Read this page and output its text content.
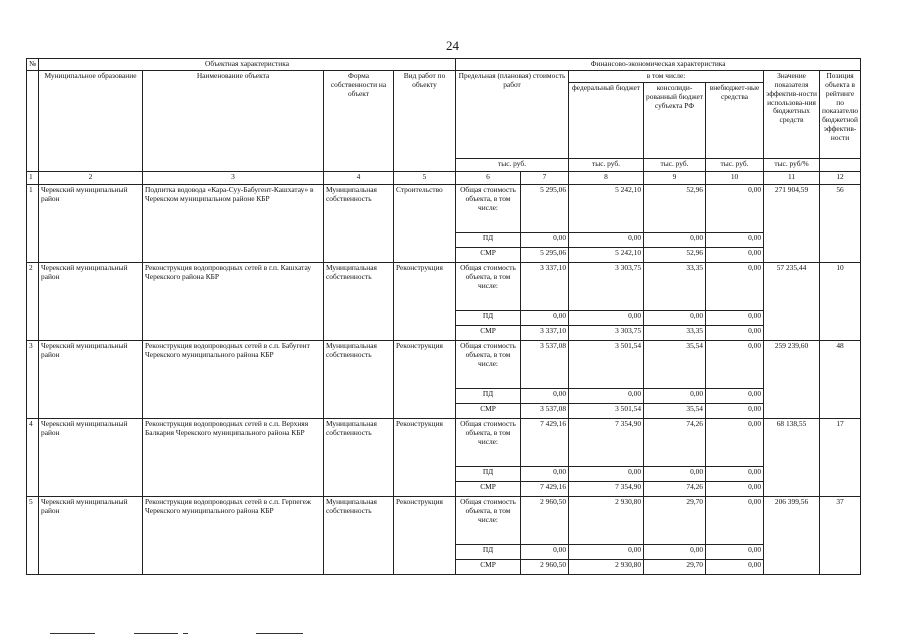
24
№	Объектная характеристика				Финансово-экономическая характеристика						
	Муниципальное образование	Наименование объекта	Форма собственности на объект	Вид работ по объекту	Предельная (плановая) стоимость работ		в том числе:			Значение показателя эффектив-ности использова-ния бюджетных средств	Позиция объекта в рейтинге по показателю бюджетной эффектив-ности
							федеральный бюджет	консолиди-рованный бюджет субъекта РФ	внебюджет-ные средства		
					тыс. руб.		тыс. руб.	тыс. руб.	тыс. руб.	тыс. руб/%	
1	2	3	4	5	6	7	8	9	10	11	12
1	Черекский муниципальный район	Подпитка водовода «Кара-Суу-Бабугент-Кашхатау» в Черекском муниципальном районе КБР	Муниципальная собственность	Строительство	Общая стоимость объекта, в том числе:	5 295,06	5 242,10	52,96	0,00	271 904,59	56
					ПД	0,00	0,00	0,00	0,00		
					СМР	5 295,06	5 242,10	52,96	0,00		
2	Черекский муниципальный район	Реконструкция водопроводных сетей в г.п. Кашхатау Черекского района КБР	Муниципальная собственность	Реконструкция	Общая стоимость объекта, в том числе:	3 337,10	3 303,75	33,35	0,00	57 235,44	10
					ПД	0,00	0,00	0,00	0,00		
					СМР	3 337,10	3 303,75	33,35	0,00		
3	Черекский муниципальный район	Реконструкция водопроводных сетей в с.п. Бабугент Черекского муниципального района КБР	Муниципальная собственность	Реконструкция	Общая стоимость объекта, в том числе:	3 537,08	3 501,54	35,54	0,00	259 239,60	48
					ПД	0,00	0,00	0,00	0,00		
					СМР	3 537,08	3 501,54	35,54	0,00		
4	Черекский муниципальный район	Реконструкция водопроводных сетей в с.п. Верхняя Балкария Черекского муниципального района КБР	Муниципальная собственность	Реконструкция	Общая стоимость объекта, в том числе:	7 429,16	7 354,90	74,26	0,00	68 138,55	17
					ПД	0,00	0,00	0,00	0,00		
					СМР	7 429,16	7 354,90	74,26	0,00		
5	Черекский муниципальный район	Реконструкция водопроводных сетей в с.п. Герпегеж Черекского муниципального района КБР	Муниципальная собственность	Реконструкция	Общая стоимость объекта, в том числе:	2 960,50	2 930,80	29,70	0,00	206 399,56	37
					ПД	0,00	0,00	0,00	0,00		
					СМР	2 960,50	2 930,80	29,70	0,00		
